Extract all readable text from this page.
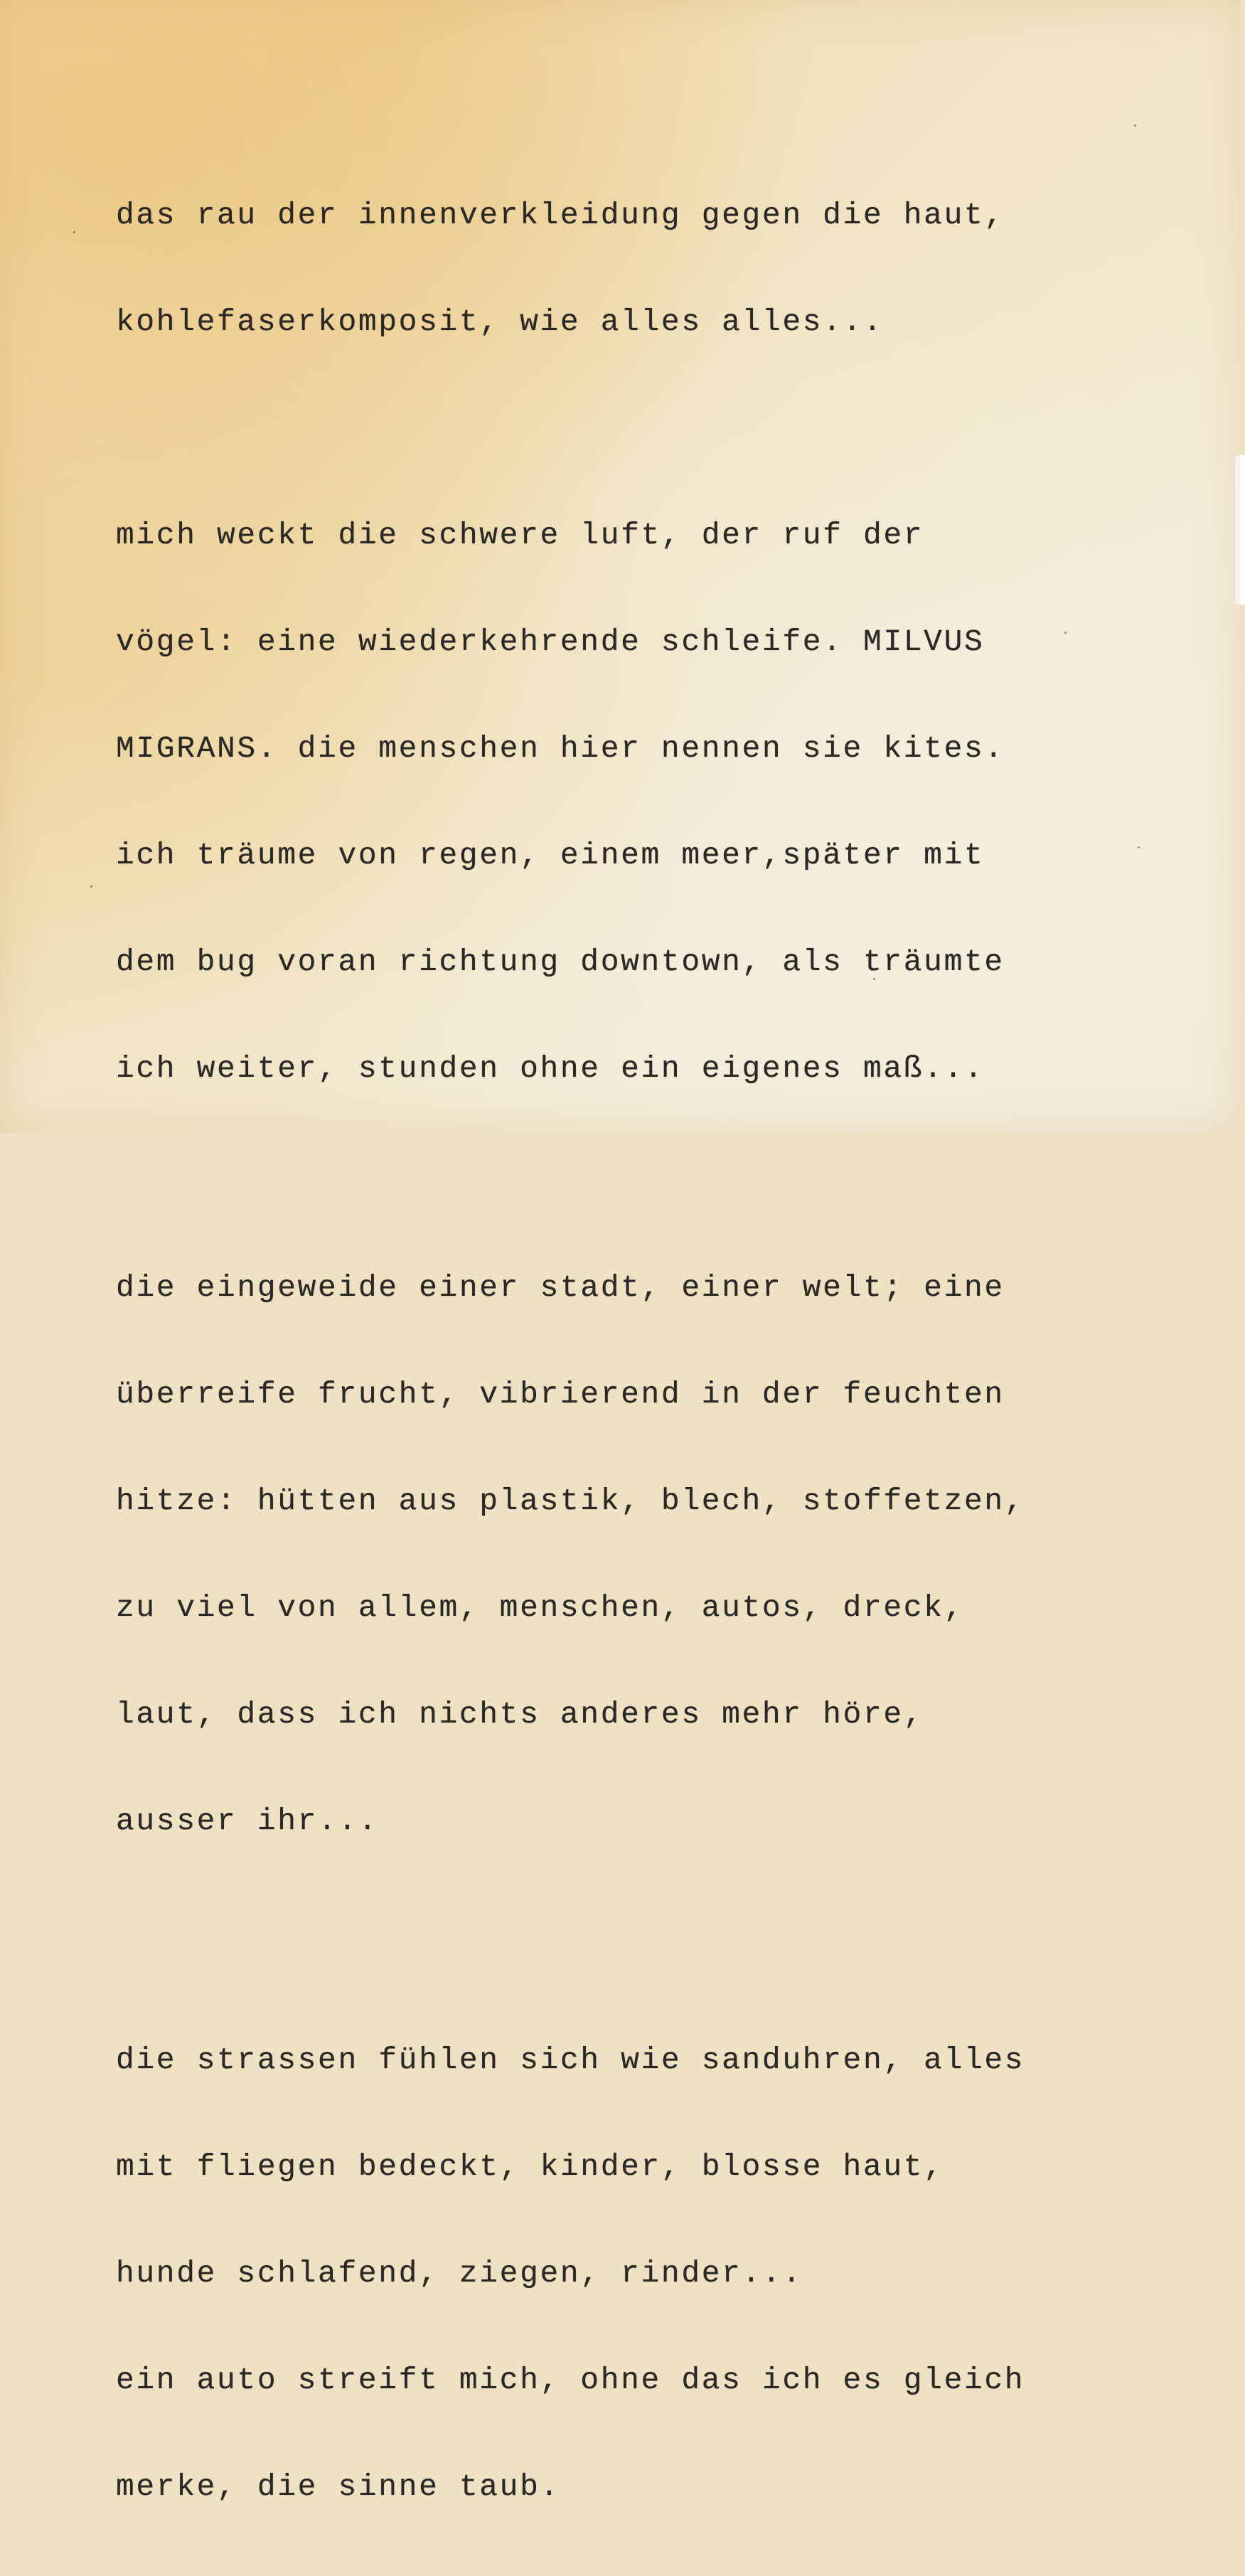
das rau der innenverkleidung gegen die haut,

kohlefaserkomposit, wie alles alles...

mich weckt die schwere luft, der ruf der

vögel: eine wiederkehrende schleife. MILVUS

MIGRANS. die menschen hier nennen sie kites.

ich träume von regen, einem meer,später mit

dem bug voran richtung downtown, als träumte

ich weiter, stunden ohne ein eigenes maß...

die eingeweide einer stadt, einer welt; eine

überreife frucht, vibrierend in der feuchten

hitze: hütten aus plastik, blech, stoffetzen,

zu viel von allem, menschen, autos, dreck,

laut, dass ich nichts anderes mehr höre,

ausser ihr...

die strassen fühlen sich wie sanduhren, alles

mit fliegen bedeckt, kinder, blosse haut,

hunde schlafend, ziegen, rinder...

ein auto streift mich, ohne das ich es gleich

merke, die sinne taub.
